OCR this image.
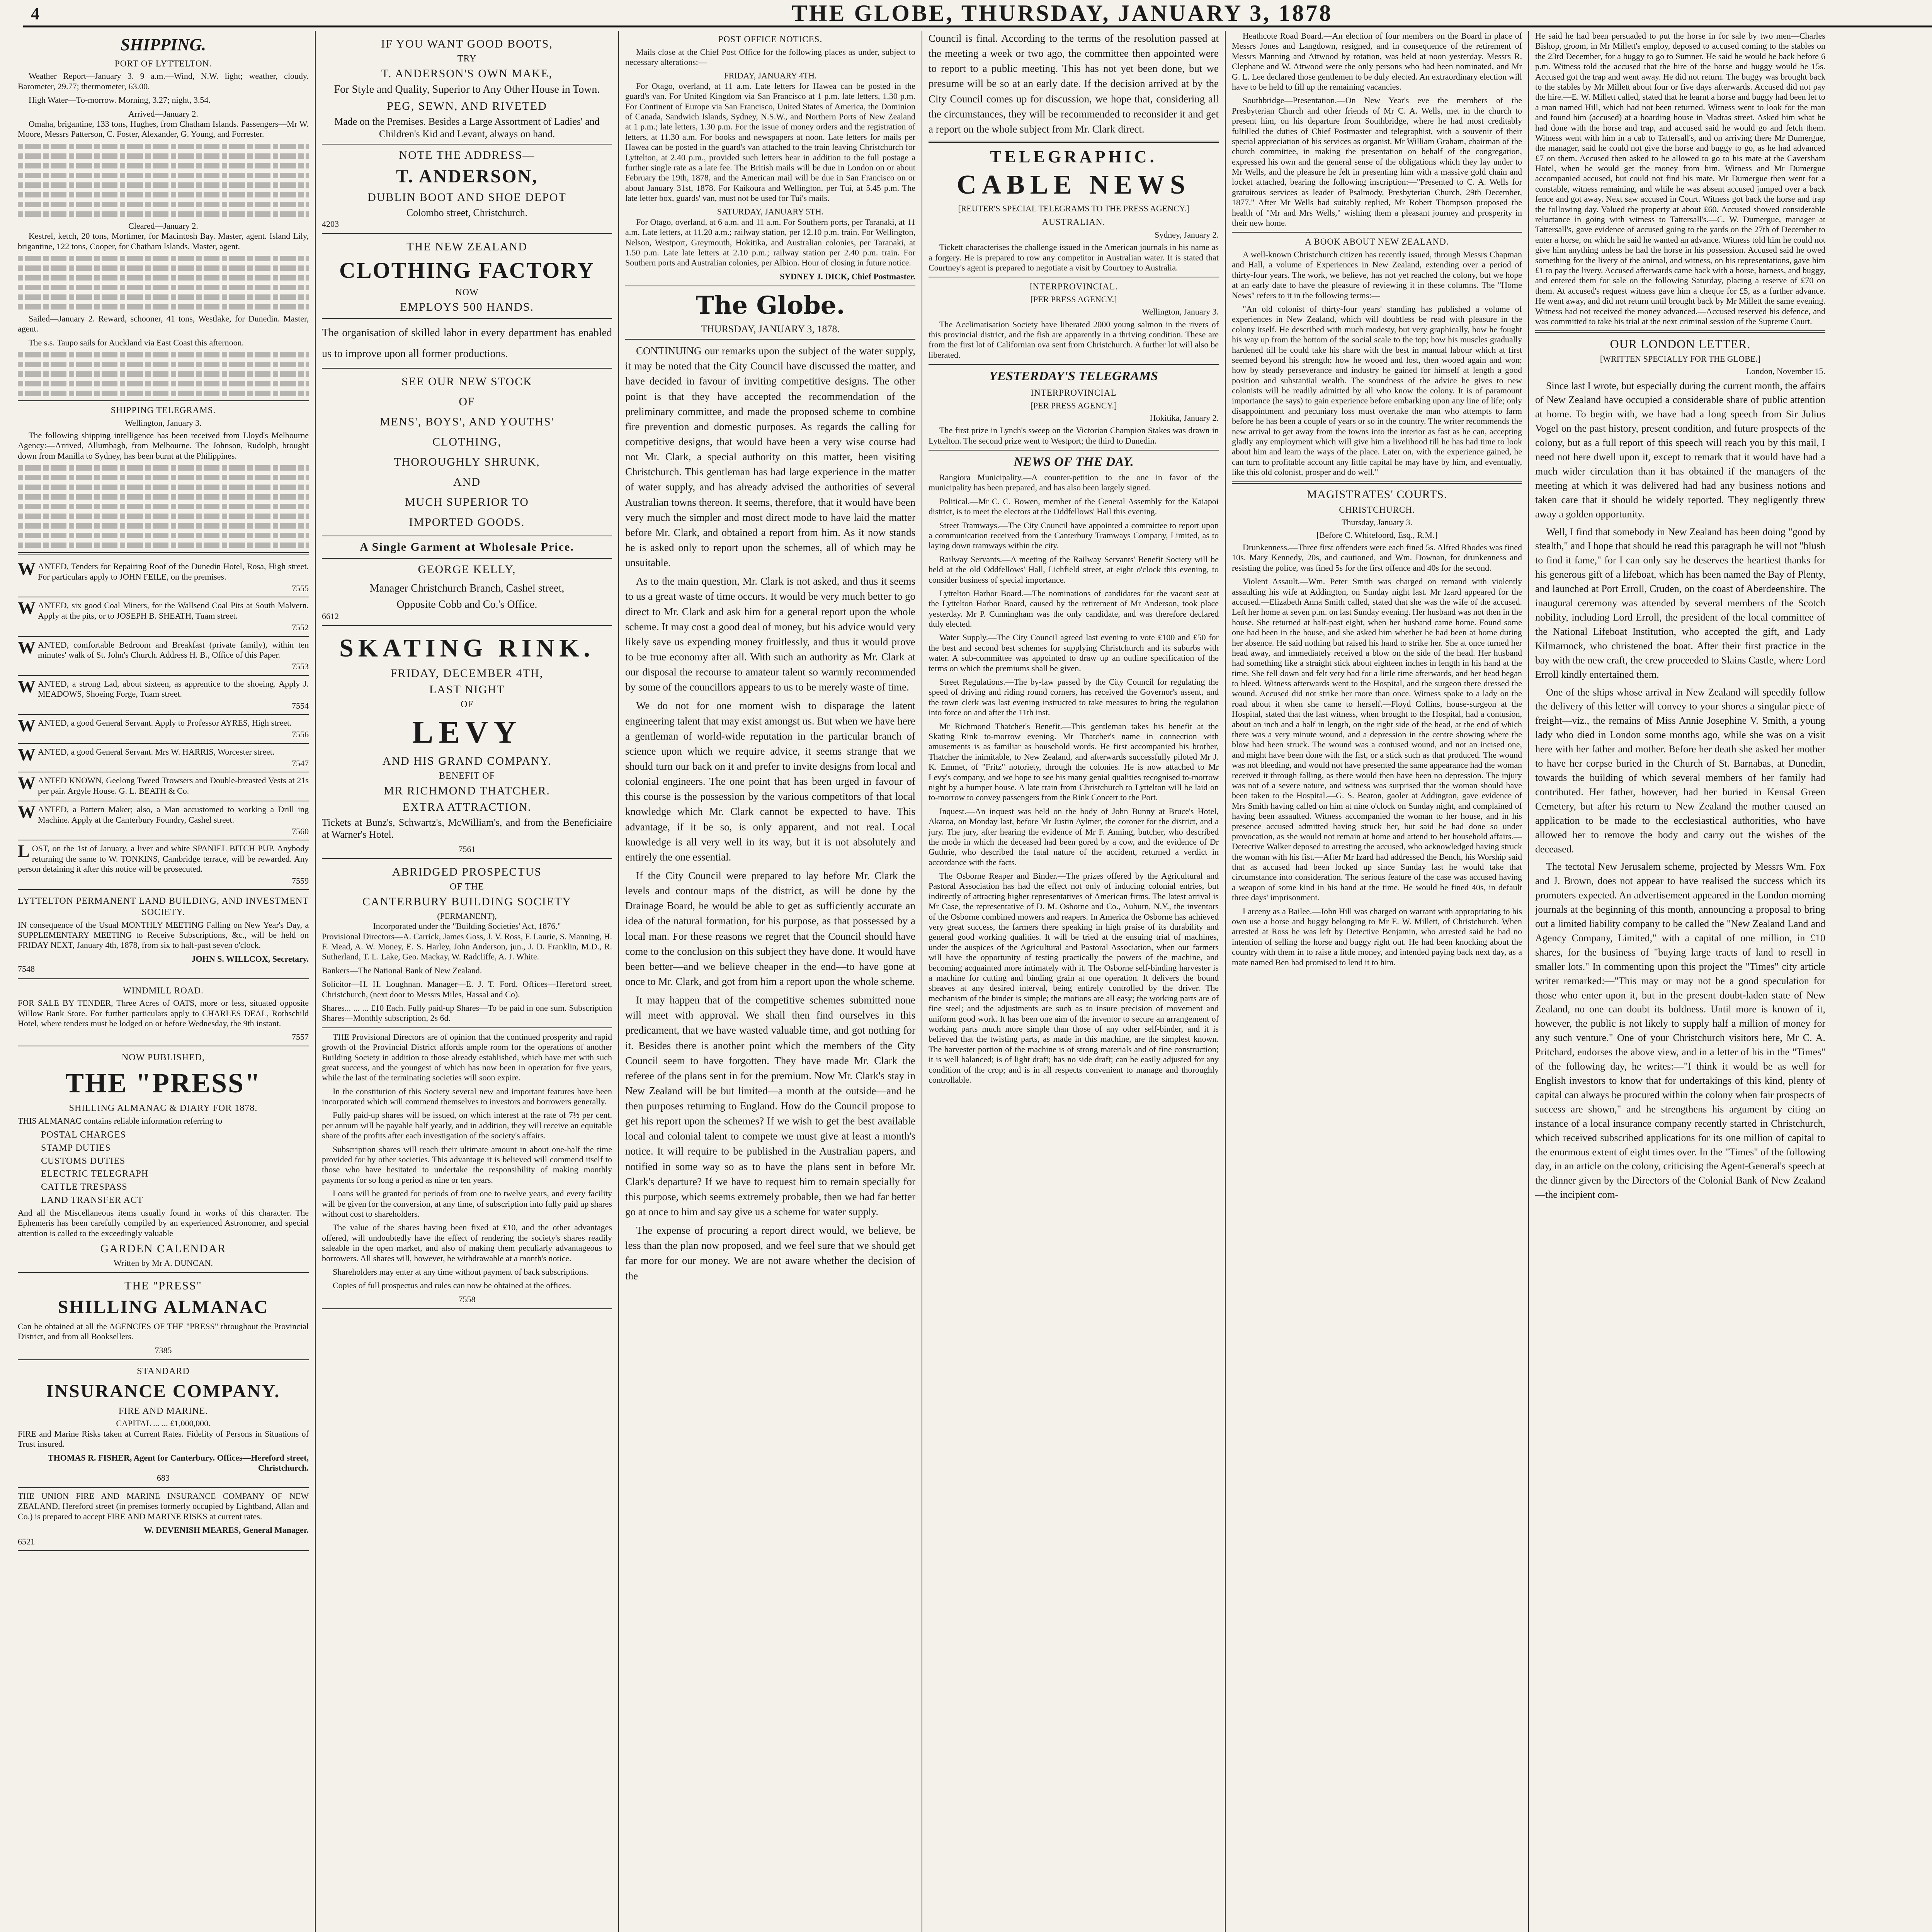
4	THE GLOBE, THURSDAY, JANUARY 3, 1878
SHIPPING.
PORT OF LYTTELTON.

Weather Report—January 3. 9 a.m.—Wind, N.W. light; weather, cloudy. Barometer, 29.77; thermometer, 63.00.

High Water—To-morrow. Morning, 3.27; night, 3.54.

Arrived—January 2.

Omaha, brigantine, 133 tons, Hughes, from Chatham Islands. Passengers—Mr W. Moore, Messrs Patterson, C. Foster, Alexander, G. Young, and Forrester.

Cleared—January 2.

Kestrel, ketch, 20 tons, Mortimer, for Macintosh Bay. Master, agent. Island Lily, brigantine, 122 tons, Cooper, for Chatham Islands. Master, agent.

Sailed—January 2. Reward, schooner, 41 tons, Westlake, for Dunedin. Master, agent.

The s.s. Taupo sails for Auckland via East Coast this afternoon.

SHIPPING TELEGRAMS.
Wellington, January 3.

The following shipping intelligence has been received from Lloyd's Melbourne Agency:—Arrived, Allumbagh, from Melbourne. The Johnson, Rudolph, brought down from Manilla to Sydney, has been burnt at the Philippines.

WANTED, Tenders for Repairing Roof of the Dunedin Hotel, Rosa, High street. For particulars apply to JOHN FEILE, on the premises.
7555
WANTED, six good Coal Miners, for the Wallsend Coal Pits at South Malvern. Apply at the pits, or to JOSEPH B. SHEATH, Tuam street.
7552
WANTED, comfortable Bedroom and Breakfast (private family), within ten minutes' walk of St. John's Church. Address H. B., Office of this Paper.
7553
WANTED, a strong Lad, about sixteen, as apprentice to the shoeing. Apply J. MEADOWS, Shoeing Forge, Tuam street.
7554
WANTED, a good General Servant. Apply to Professor AYRES, High street.
7556
WANTED, a good General Servant. Mrs W. HARRIS, Worcester street.
7547
WANTED KNOWN, Geelong Tweed Trowsers and Double-breasted Vests at 21s per pair. Argyle House. G. L. BEATH & Co.
WANTED, a Pattern Maker; also, a Man accustomed to working a Drill ing Machine. Apply at the Canterbury Foundry, Cashel street.
7560
LOST, on the 1st of January, a liver and white SPANIEL BITCH PUP. Anybody returning the same to W. TONKINS, Cambridge terrace, will be rewarded. Any person detaining it after this notice will be prosecuted.
7559
LYTTELTON PERMANENT LAND BUILDING, AND INVESTMENT SOCIETY.

IN consequence of the Usual MONTHLY MEETING Falling on New Year's Day, a SUPPLEMENTARY MEETING to Receive Subscriptions, &c., will be held on FRIDAY NEXT, January 4th, 1878, from six to half-past seven o'clock.

JOHN S. WILLCOX, Secretary.
7548
WINDMILL ROAD.

FOR SALE BY TENDER, Three Acres of OATS, more or less, situated opposite Willow Bank Store. For further particulars apply to CHARLES DEAL, Rothschild Hotel, where tenders must be lodged on or before Wednesday, the 9th instant.

7557
NOW PUBLISHED,
THE "PRESS"
SHILLING ALMANAC & DIARY FOR 1878.

THIS ALMANAC contains reliable information referring to

POSTAL CHARGES
STAMP DUTIES
CUSTOMS DUTIES
ELECTRIC TELEGRAPH
CATTLE TRESPASS
LAND TRANSFER ACT

And all the Miscellaneous items usually found in works of this character. The Ephemeris has been carefully compiled by an experienced Astronomer, and special attention is called to the exceedingly valuable

GARDEN CALENDAR
Written by Mr A. DUNCAN.
THE "PRESS"
SHILLING ALMANAC

Can be obtained at all the AGENCIES OF THE "PRESS" throughout the Provincial District, and from all Booksellers.

7385
STANDARD
INSURANCE COMPANY.
FIRE AND MARINE.
CAPITAL ... ... £1,000,000.

FIRE and Marine Risks taken at Current Rates. Fidelity of Persons in Situations of Trust insured.

THOMAS R. FISHER, Agent for Canterbury. Offices—Hereford street, Christchurch.
683

THE UNION FIRE AND MARINE INSURANCE COMPANY OF NEW ZEALAND, Hereford street (in premises formerly occupied by Lightband, Allan and Co.) is prepared to accept FIRE AND MARINE RISKS at current rates.

W. DEVENISH MEARES, General Manager.
6521
IF YOU WANT GOOD BOOTS,
TRY
T. ANDERSON'S OWN MAKE,

For Style and Quality, Superior to Any Other House in Town.

PEG, SEWN, AND RIVETED

Made on the Premises. Besides a Large Assortment of Ladies' and Children's Kid and Levant, always on hand.

NOTE THE ADDRESS—
T. ANDERSON,
DUBLIN BOOT AND SHOE DEPOT
Colombo street, Christchurch.
4203
THE NEW ZEALAND
CLOTHING FACTORY
NOW
EMPLOYS 500 HANDS.

The organisation of skilled labor in every department has enabled us to improve upon all former productions.

SEE OUR NEW STOCK
OF
MENS', BOYS', AND YOUTHS'
CLOTHING,
THOROUGHLY SHRUNK,
AND
MUCH SUPERIOR TO
IMPORTED GOODS.
A Single Garment at Wholesale Price.
GEORGE KELLY,
Manager Christchurch Branch, Cashel street,
Opposite Cobb and Co.'s Office.
6612
SKATING RINK.
FRIDAY, DECEMBER 4TH,
LAST NIGHT
OF
LEVY
AND HIS GRAND COMPANY.
BENEFIT OF
MR RICHMOND THATCHER.
EXTRA ATTRACTION.

Tickets at Bunz's, Schwartz's, McWilliam's, and from the Beneficiaire at Warner's Hotel.

7561
ABRIDGED PROSPECTUS
OF THE
CANTERBURY BUILDING SOCIETY
(PERMANENT),
Incorporated under the "Building Societies' Act, 1876."

Provisional Directors—A. Carrick, James Goss, J. V. Ross, F. Laurie, S. Manning, H. F. Mead, A. W. Money, E. S. Harley, John Anderson, jun., J. D. Franklin, M.D., R. Sutherland, T. L. Lake, Geo. Mackay, W. Radcliffe, A. J. White.

Bankers—The National Bank of New Zealand.

Solicitor—H. H. Loughnan. Manager—E. J. T. Ford. Offices—Hereford street, Christchurch, (next door to Messrs Miles, Hassal and Co).

Shares... ... ... £10 Each. Fully paid-up Shares—To be paid in one sum. Subscription Shares—Monthly subscription, 2s 6d.

THE Provisional Directors are of opinion that the continued prosperity and rapid growth of the Provincial District affords ample room for the operations of another Building Society in addition to those already established, which have met with such great success, and the youngest of which has now been in operation for five years, while the last of the terminating societies will soon expire.

In the constitution of this Society several new and important features have been incorporated which will commend themselves to investors and borrowers generally.

Fully paid-up shares will be issued, on which interest at the rate of 7½ per cent. per annum will be payable half yearly, and in addition, they will receive an equitable share of the profits after each investigation of the society's affairs.

Subscription shares will reach their ultimate amount in about one-half the time provided for by other societies. This advantage it is believed will commend itself to those who have hesitated to undertake the responsibility of making monthly payments for so long a period as nine or ten years.

Loans will be granted for periods of from one to twelve years, and every facility will be given for the conversion, at any time, of subscription into fully paid up shares without cost to shareholders.

The value of the shares having been fixed at £10, and the other advantages offered, will undoubtedly have the effect of rendering the society's shares readily saleable in the open market, and also of making them peculiarly advantageous to borrowers. All shares will, however, be withdrawable at a month's notice.

Shareholders may enter at any time without payment of back subscriptions.

Copies of full prospectus and rules can now be obtained at the offices.

7558
POST OFFICE NOTICES.

Mails close at the Chief Post Office for the following places as under, subject to necessary alterations:—

FRIDAY, JANUARY 4TH.

For Otago, overland, at 11 a.m. Late letters for Hawea can be posted in the guard's van. For United Kingdom via San Francisco at 1 p.m. late letters, 1.30 p.m. For Continent of Europe via San Francisco, United States of America, the Dominion of Canada, Sandwich Islands, Sydney, N.S.W., and Northern Ports of New Zealand at 1 p.m.; late letters, 1.30 p.m. For the issue of money orders and the registration of letters, at 11.30 a.m. For books and newspapers at noon. Late letters for mails per Hawea can be posted in the guard's van attached to the train leaving Christchurch for Lyttelton, at 2.40 p.m., provided such letters bear in addition to the full postage a further single rate as a late fee. The British mails will be due in London on or about February the 19th, 1878, and the American mail will be due in San Francisco on or about January 31st, 1878. For Kaikoura and Wellington, per Tui, at 5.45 p.m. The late letter box, guards' van, must not be used for Tui's mails.

SATURDAY, JANUARY 5TH.

For Otago, overland, at 6 a.m. and 11 a.m. For Southern ports, per Taranaki, at 11 a.m. Late letters, at 11.20 a.m.; railway station, per 12.10 p.m. train. For Wellington, Nelson, Westport, Greymouth, Hokitika, and Australian colonies, per Taranaki, at 1.50 p.m. Late late letters at 2.10 p.m.; railway station per 2.40 p.m. train. For Southern ports and Australian colonies, per Albion. Hour of closing in future notice.

SYDNEY J. DICK, Chief Postmaster.
The Globe.
THURSDAY, JANUARY 3, 1878.

CONTINUING our remarks upon the subject of the water supply, it may be noted that the City Council have discussed the matter, and have decided in favour of inviting competitive designs. The other point is that they have accepted the recommendation of the preliminary committee, and made the proposed scheme to combine fire prevention and domestic purposes. As regards the calling for competitive designs, that would have been a very wise course had not Mr. Clark, a special authority on this matter, been visiting Christchurch. This gentleman has had large experience in the matter of water supply, and has already advised the authorities of several Australian towns thereon. It seems, therefore, that it would have been very much the simpler and most direct mode to have laid the matter before Mr. Clark, and obtained a report from him. As it now stands he is asked only to report upon the schemes, all of which may be unsuitable.

As to the main question, Mr. Clark is not asked, and thus it seems to us a great waste of time occurs. It would be very much better to go direct to Mr. Clark and ask him for a general report upon the whole scheme. It may cost a good deal of money, but his advice would very likely save us expending money fruitlessly, and thus it would prove to be true economy after all. With such an authority as Mr. Clark at our disposal the recourse to amateur talent so warmly recommended by some of the councillors appears to us to be merely waste of time.

We do not for one moment wish to disparage the latent engineering talent that may exist amongst us. But when we have here a gentleman of world-wide reputation in the particular branch of science upon which we require advice, it seems strange that we should turn our back on it and prefer to invite designs from local and colonial engineers. The one point that has been urged in favour of this course is the possession by the various competitors of that local knowledge which Mr. Clark cannot be expected to have. This advantage, if it be so, is only apparent, and not real. Local knowledge is all very well in its way, but it is not absolutely and entirely the one essential.

If the City Council were prepared to lay before Mr. Clark the levels and contour maps of the district, as will be done by the Drainage Board, he would be able to get as sufficiently accurate an idea of the natural formation, for his purpose, as that possessed by a local man. For these reasons we regret that the Council should have come to the conclusion on this subject they have done. It would have been better—and we believe cheaper in the end—to have gone at once to Mr. Clark, and got from him a report upon the whole scheme.

It may happen that of the competitive schemes submitted none will meet with approval. We shall then find ourselves in this predicament, that we have wasted valuable time, and got nothing for it. Besides there is another point which the members of the City Council seem to have forgotten. They have made Mr. Clark the referee of the plans sent in for the premium. Now Mr. Clark's stay in New Zealand will be but limited—a month at the outside—and he then purposes returning to England. How do the Council propose to get his report upon the schemes? If we wish to get the best available local and colonial talent to compete we must give at least a month's notice. It will require to be published in the Australian papers, and notified in some way so as to have the plans sent in before Mr. Clark's departure? If we have to request him to remain specially for this purpose, which seems extremely probable, then we had far better go at once to him and say give us a scheme for water supply.

The expense of procuring a report direct would, we believe, be less than the plan now proposed, and we feel sure that we should get far more for our money. We are not aware whether the decision of the

Council is final. According to the terms of the resolution passed at the meeting a week or two ago, the committee then appointed were to report to a public meeting. This has not yet been done, but we presume will be so at an early date. If the decision arrived at by the City Council comes up for discussion, we hope that, considering all the circumstances, they will be recommended to reconsider it and get a report on the whole subject from Mr. Clark direct.

TELEGRAPHIC.
CABLE NEWS
[REUTER'S SPECIAL TELEGRAMS TO THE PRESS AGENCY.]
AUSTRALIAN.
Sydney, January 2.

Tickett characterises the challenge issued in the American journals in his name as a forgery. He is prepared to row any competitor in Australian water. It is stated that Courtney's agent is prepared to negotiate a visit by Courtney to Australia.

INTERPROVINCIAL.
[PER PRESS AGENCY.]
Wellington, January 3.

The Acclimatisation Society have liberated 2000 young salmon in the rivers of this provincial district, and the fish are apparently in a thriving condition. These are from the first lot of Californian ova sent from Christchurch. A further lot will also be liberated.

YESTERDAY'S TELEGRAMS
INTERPROVINCIAL
[PER PRESS AGENCY.]
Hokitika, January 2.

The first prize in Lynch's sweep on the Victorian Champion Stakes was drawn in Lyttelton. The second prize went to Westport; the third to Dunedin.

NEWS OF THE DAY.

Rangiora Municipality.—A counter-petition to the one in favor of the municipality has been prepared, and has also been largely signed.

Political.—Mr C. C. Bowen, member of the General Assembly for the Kaiapoi district, is to meet the electors at the Oddfellows' Hall this evening.

Street Tramways.—The City Council have appointed a committee to report upon a communication received from the Canterbury Tramways Company, Limited, as to laying down tramways within the city.

Railway Servants.—A meeting of the Railway Servants' Benefit Society will be held at the old Oddfellows' Hall, Lichfield street, at eight o'clock this evening, to consider business of special importance.

Lyttelton Harbor Board.—The nominations of candidates for the vacant seat at the Lyttelton Harbor Board, caused by the retirement of Mr Anderson, took place yesterday. Mr P. Cunningham was the only candidate, and was therefore declared duly elected.

Water Supply.—The City Council agreed last evening to vote £100 and £50 for the best and second best schemes for supplying Christchurch and its suburbs with water. A sub-committee was appointed to draw up an outline specification of the terms on which the premiums shall be given.

Street Regulations.—The by-law passed by the City Council for regulating the speed of driving and riding round corners, has received the Governor's assent, and the town clerk was last evening instructed to take measures to bring the regulation into force on and after the 11th inst.

Mr Richmond Thatcher's Benefit.—This gentleman takes his benefit at the Skating Rink to-morrow evening. Mr Thatcher's name in connection with amusements is as familiar as household words. He first accompanied his brother, Thatcher the inimitable, to New Zealand, and afterwards successfully piloted Mr J. K. Emmet, of "Fritz" notoriety, through the colonies. He is now attached to Mr Levy's company, and we hope to see his many genial qualities recognised to-morrow night by a bumper house. A late train from Christchurch to Lyttelton will be laid on to-morrow to convey passengers from the Rink Concert to the Port.

Inquest.—An inquest was held on the body of John Bunny at Bruce's Hotel, Akaroa, on Monday last, before Mr Justin Aylmer, the coroner for the district, and a jury. The jury, after hearing the evidence of Mr F. Anning, butcher, who described the mode in which the deceased had been gored by a cow, and the evidence of Dr Guthrie, who described the fatal nature of the accident, returned a verdict in accordance with the facts.

The Osborne Reaper and Binder.—The prizes offered by the Agricultural and Pastoral Association has had the effect not only of inducing colonial entries, but indirectly of attracting higher representatives of American firms. The latest arrival is Mr Case, the representative of D. M. Osborne and Co., Auburn, N.Y., the inventors of the Osborne combined mowers and reapers. In America the Osborne has achieved very great success, the farmers there speaking in high praise of its durability and general good working qualities. It will be tried at the ensuing trial of machines, under the auspices of the Agricultural and Pastoral Association, when our farmers will have the opportunity of testing practically the powers of the machine, and becoming acquainted more intimately with it. The Osborne self-binding harvester is a machine for cutting and binding grain at one operation. It delivers the bound sheaves at any desired interval, being entirely controlled by the driver. The mechanism of the binder is simple; the motions are all easy; the working parts are of fine steel; and the adjustments are such as to insure precision of movement and uniform good work. It has been one aim of the inventor to secure an arrangement of working parts much more simple than those of any other self-binder, and it is believed that the twisting parts, as made in this machine, are the simplest known. The harvester portion of the machine is of strong materials and of fine construction; it is well balanced; is of light draft; has no side draft; can be easily adjusted for any condition of the crop; and is in all respects convenient to manage and thoroughly controllable.

Heathcote Road Board.—An election of four members on the Board in place of Messrs Jones and Langdown, resigned, and in consequence of the retirement of Messrs Manning and Attwood by rotation, was held at noon yesterday. Messrs R. Clephane and W. Attwood were the only persons who had been nominated, and Mr G. L. Lee declared those gentlemen to be duly elected. An extraordinary election will have to be held to fill up the remaining vacancies.

Southbridge—Presentation.—On New Year's eve the members of the Presbyterian Church and other friends of Mr C. A. Wells, met in the church to present him, on his departure from Southbridge, where he had most creditably fulfilled the duties of Chief Postmaster and telegraphist, with a souvenir of their special appreciation of his services as organist. Mr William Graham, chairman of the church committee, in making the presentation on behalf of the congregation, expressed his own and the general sense of the obligations which they lay under to Mr Wells, and the pleasure he felt in presenting him with a massive gold chain and locket attached, bearing the following inscription:—"Presented to C. A. Wells for gratuitous services as leader of Psalmody, Presbyterian Church, 29th December, 1877." After Mr Wells had suitably replied, Mr Robert Thompson proposed the health of "Mr and Mrs Wells," wishing them a pleasant journey and prosperity in their new home.

A BOOK ABOUT NEW ZEALAND.

A well-known Christchurch citizen has recently issued, through Messrs Chapman and Hall, a volume of Experiences in New Zealand, extending over a period of thirty-four years. The work, we believe, has not yet reached the colony, but we hope at an early date to have the pleasure of reviewing it in these columns. The "Home News" refers to it in the following terms:—

"An old colonist of thirty-four years' standing has published a volume of experiences in New Zealand, which will doubtless be read with pleasure in the colony itself. He described with much modesty, but very graphically, how he fought his way up from the bottom of the social scale to the top; how his muscles gradually hardened till he could take his share with the best in manual labour which at first seemed beyond his strength; how he wooed and lost, then wooed again and won; how by steady perseverance and industry he gained for himself at length a good position and substantial wealth. The soundness of the advice he gives to new colonists will be readily admitted by all who know the colony. It is of paramount importance (he says) to gain experience before embarking upon any line of life; only disappointment and pecuniary loss must overtake the man who attempts to farm before he has been a couple of years or so in the country. The writer recommends the new arrival to get away from the towns into the interior as fast as he can, accepting gladly any employment which will give him a livelihood till he has had time to look about him and learn the ways of the place. Later on, with the experience gained, he can turn to profitable account any little capital he may have by him, and eventually, like this old colonist, prosper and do well."

MAGISTRATES' COURTS.
CHRISTCHURCH.
Thursday, January 3.
[Before C. Whitefoord, Esq., R.M.]

Drunkenness.—Three first offenders were each fined 5s. Alfred Rhodes was fined 10s. Mary Kennedy, 20s, and cautioned, and Wm. Downan, for drunkenness and resisting the police, was fined 5s for the first offence and 40s for the second.

Violent Assault.—Wm. Peter Smith was charged on remand with violently assaulting his wife at Addington, on Sunday night last. Mr Izard appeared for the accused.—Elizabeth Anna Smith called, stated that she was the wife of the accused. Left her home at seven p.m. on last Sunday evening. Her husband was not then in the house. She returned at half-past eight, when her husband came home. Found some one had been in the house, and she asked him whether he had been at home during her absence. He said nothing but raised his hand to strike her. She at once turned her head away, and immediately received a blow on the side of the head. Her husband had something like a straight stick about eighteen inches in length in his hand at the time. She fell down and felt very bad for a little time afterwards, and her head began to bleed. Witness afterwards went to the Hospital, and the surgeon there dressed the wound. Accused did not strike her more than once. Witness spoke to a lady on the road about it when she came to herself.—Floyd Collins, house-surgeon at the Hospital, stated that the last witness, when brought to the Hospital, had a contusion, about an inch and a half in length, on the right side of the head, at the end of which there was a very minute wound, and a depression in the centre showing where the blow had been struck. The wound was a contused wound, and not an incised one, and might have been done with the fist, or a stick such as that produced. The wound was not bleeding, and would not have presented the same appearance had the woman received it through falling, as there would then have been no depression. The injury was not of a severe nature, and witness was surprised that the woman should have been taken to the Hospital.—G. S. Beaton, gaoler at Addington, gave evidence of Mrs Smith having called on him at nine o'clock on Sunday night, and complained of having been assaulted. Witness accompanied the woman to her house, and in his presence accused admitted having struck her, but said he had done so under provocation, as she would not remain at home and attend to her household affairs.—Detective Walker deposed to arresting the accused, who acknowledged having struck the woman with his fist.—After Mr Izard had addressed the Bench, his Worship said that as accused had been locked up since Sunday last he would take that circumstance into consideration. The serious feature of the case was accused having a weapon of some kind in his hand at the time. He would be fined 40s, in default three days' imprisonment.

Larceny as a Bailee.—John Hill was charged on warrant with appropriating to his own use a horse and buggy belonging to Mr E. W. Millett, of Christchurch. When arrested at Ross he was left by Detective Benjamin, who arrested said he had no intention of selling the horse and buggy right out. He had been knocking about the country with them in to raise a little money, and intended paying back next day, as a mate named Ben had promised to lend it to him.

He said he had been persuaded to put the horse in for sale by two men—Charles Bishop, groom, in Mr Millett's employ, deposed to accused coming to the stables on the 23rd December, for a buggy to go to Sumner. He said he would be back before 6 p.m. Witness told the accused that the hire of the horse and buggy would be 15s. Accused got the trap and went away. He did not return. The buggy was brought back to the stables by Mr Millett about four or five days afterwards. Accused did not pay the hire.—E. W. Millett called, stated that he learnt a horse and buggy had been let to a man named Hill, which had not been returned. Witness went to look for the man and found him (accused) at a boarding house in Madras street. Asked him what he had done with the horse and trap, and accused said he would go and fetch them. Witness went with him in a cab to Tattersall's, and on arriving there Mr Dumergue, the manager, said he could not give the horse and buggy to go, as he had advanced £7 on them. Accused then asked to be allowed to go to his mate at the Caversham Hotel, when he would get the money from him. Witness and Mr Dumergue accompanied accused, but could not find his mate. Mr Dumergue then went for a constable, witness remaining, and while he was absent accused jumped over a back fence and got away. Next saw accused in Court. Witness got back the horse and trap the following day. Valued the property at about £60. Accused showed considerable reluctance in going with witness to Tattersall's.—C. W. Dumergue, manager at Tattersall's, gave evidence of accused going to the yards on the 27th of December to enter a horse, on which he said he wanted an advance. Witness told him he could not give him anything unless he had the horse in his possession. Accused said he owed something for the livery of the animal, and witness, on his representations, gave him £1 to pay the livery. Accused afterwards came back with a horse, harness, and buggy, and entered them for sale on the following Saturday, placing a reserve of £70 on them. At accused's request witness gave him a cheque for £5, as a further advance. He went away, and did not return until brought back by Mr Millett the same evening. Witness had not received the money advanced.—Accused reserved his defence, and was committed to take his trial at the next criminal session of the Supreme Court.

OUR LONDON LETTER.
[WRITTEN SPECIALLY FOR THE GLOBE.]
London, November 15.

Since last I wrote, but especially during the current month, the affairs of New Zealand have occupied a considerable share of public attention at home. To begin with, we have had a long speech from Sir Julius Vogel on the past history, present condition, and future prospects of the colony, but as a full report of this speech will reach you by this mail, I need not here dwell upon it, except to remark that it would have had a much wider circulation than it has obtained if the managers of the meeting at which it was delivered had had any business notions and taken care that it should be widely reported. They negligently threw away a golden opportunity.

Well, I find that somebody in New Zealand has been doing "good by stealth," and I hope that should he read this paragraph he will not "blush to find it fame," for I can only say he deserves the heartiest thanks for his generous gift of a lifeboat, which has been named the Bay of Plenty, and launched at Port Erroll, Cruden, on the coast of Aberdeenshire. The inaugural ceremony was attended by several members of the Scotch nobility, including Lord Erroll, the president of the local committee of the National Lifeboat Institution, who accepted the gift, and Lady Kilmarnock, who christened the boat. After their first practice in the bay with the new craft, the crew proceeded to Slains Castle, where Lord Erroll kindly entertained them.

One of the ships whose arrival in New Zealand will speedily follow the delivery of this letter will convey to your shores a singular piece of freight—viz., the remains of Miss Annie Josephine V. Smith, a young lady who died in London some months ago, while she was on a visit here with her father and mother. Before her death she asked her mother to have her corpse buried in the Church of St. Barnabas, at Dunedin, towards the building of which several members of her family had contributed. Her father, however, had her buried in Kensal Green Cemetery, but after his return to New Zealand the mother caused an application to be made to the ecclesiastical authorities, who have allowed her to remove the body and carry out the wishes of the deceased.

The tectotal New Jerusalem scheme, projected by Messrs Wm. Fox and J. Brown, does not appear to have realised the success which its promoters expected. An advertisement appeared in the London morning journals at the beginning of this month, announcing a proposal to bring out a limited liability company to be called the "New Zealand Land and Agency Company, Limited," with a capital of one million, in £10 shares, for the business of "buying large tracts of land to resell in smaller lots." In commenting upon this project the "Times" city article writer remarked:—"This may or may not be a good speculation for those who enter upon it, but in the present doubt-laden state of New Zealand, no one can doubt its boldness. Until more is known of it, however, the public is not likely to supply half a million of money for any such venture." One of your Christchurch visitors here, Mr C. A. Pritchard, endorses the above view, and in a letter of his in the "Times" of the following day, he writes:—"I think it would be as well for English investors to know that for undertakings of this kind, plenty of capital can always be procured within the colony when fair prospects of success are shown," and he strengthens his argument by citing an instance of a local insurance company recently started in Christchurch, which received subscribed applications for its one million of capital to the enormous extent of eight times over. In the "Times" of the following day, in an article on the colony, criticising the Agent-General's speech at the dinner given by the Directors of the Colonial Bank of New Zealand—the incipient com-
